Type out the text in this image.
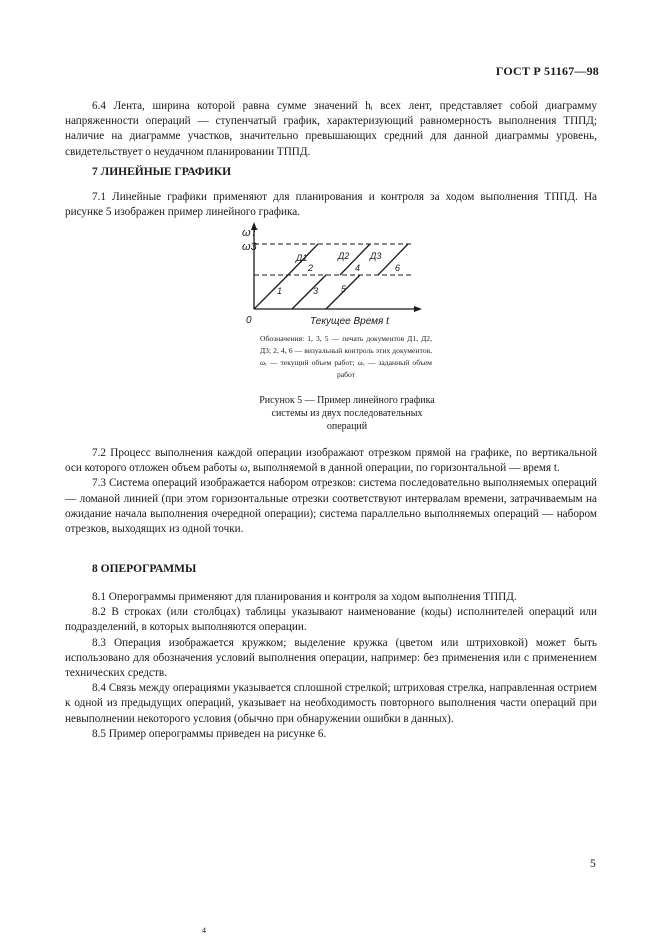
ГОСТ Р 51167—98

6.4 Лента, ширина которой равна сумме значений hᵢ всех лент, представляет собой диаграмму напряженности операций — ступенчатый график, характеризующий равномерность выполнения ТППД; наличие на диаграмме участков, значительно превышающих средний для данной диаграммы уровень, свидетельствует о неудачном планировании ТППД.

7 ЛИНЕЙНЫЕ ГРАФИКИ

7.1 Линейные графики применяют для планирования и контроля за ходом выполнения ТППД. На рисунке 5 изображен пример линейного графика.

ωT
ω3
0	Текущее Время t
1
2
3
4
5
6
Д1	Д2 Д3

Обозначения: 1, 3, 5 — печать документов Д1, Д2, Д3; 2, 4, 6 — визуальный контроль этих документов, ωᵣ — текущий объем работ; ωₑ — заданный объем работ

Рисунок 5 — Пример линейного графика системы из двух последовательных операций

7.2 Процесс выполнения каждой операции изображают отрезком прямой на графике, по вертикальной оси которого отложен объем работы ω, выполняемой в данной операции, по горизонтальной — время t.

7.3 Система операций изображается набором отрезков: система последовательно выполняемых операций — ломаной линией (при этом горизонтальные отрезки соответствуют интервалам времени, затрачиваемым на ожидание начала выполнения очередной операции); система параллельно выполняемых операций — набором отрезков, выходящих из одной точки.

8 ОПЕРОГРАММЫ

8.1 Оперограммы применяют для планирования и контроля за ходом выполнения ТППД.

8.2 В строках (или столбцах) таблицы указывают наименование (коды) исполнителей операций или подразделений, в которых выполняются операции.

8.3 Операция изображается кружком; выделение кружка (цветом или штриховкой) может быть использовано для обозначения условий выполнения операции, например: без применения или с применением технических средств.

8.4 Связь между операциями указывается сплошной стрелкой; штриховая стрелка, направленная острием к одной из предыдущих операций, указывает на необходимость повторного выполнения части операций при невыполнении некоторого условия (обычно при обнаружении ошибки в данных).

8.5 Пример оперограммы приведен на рисунке 6.

5
4
